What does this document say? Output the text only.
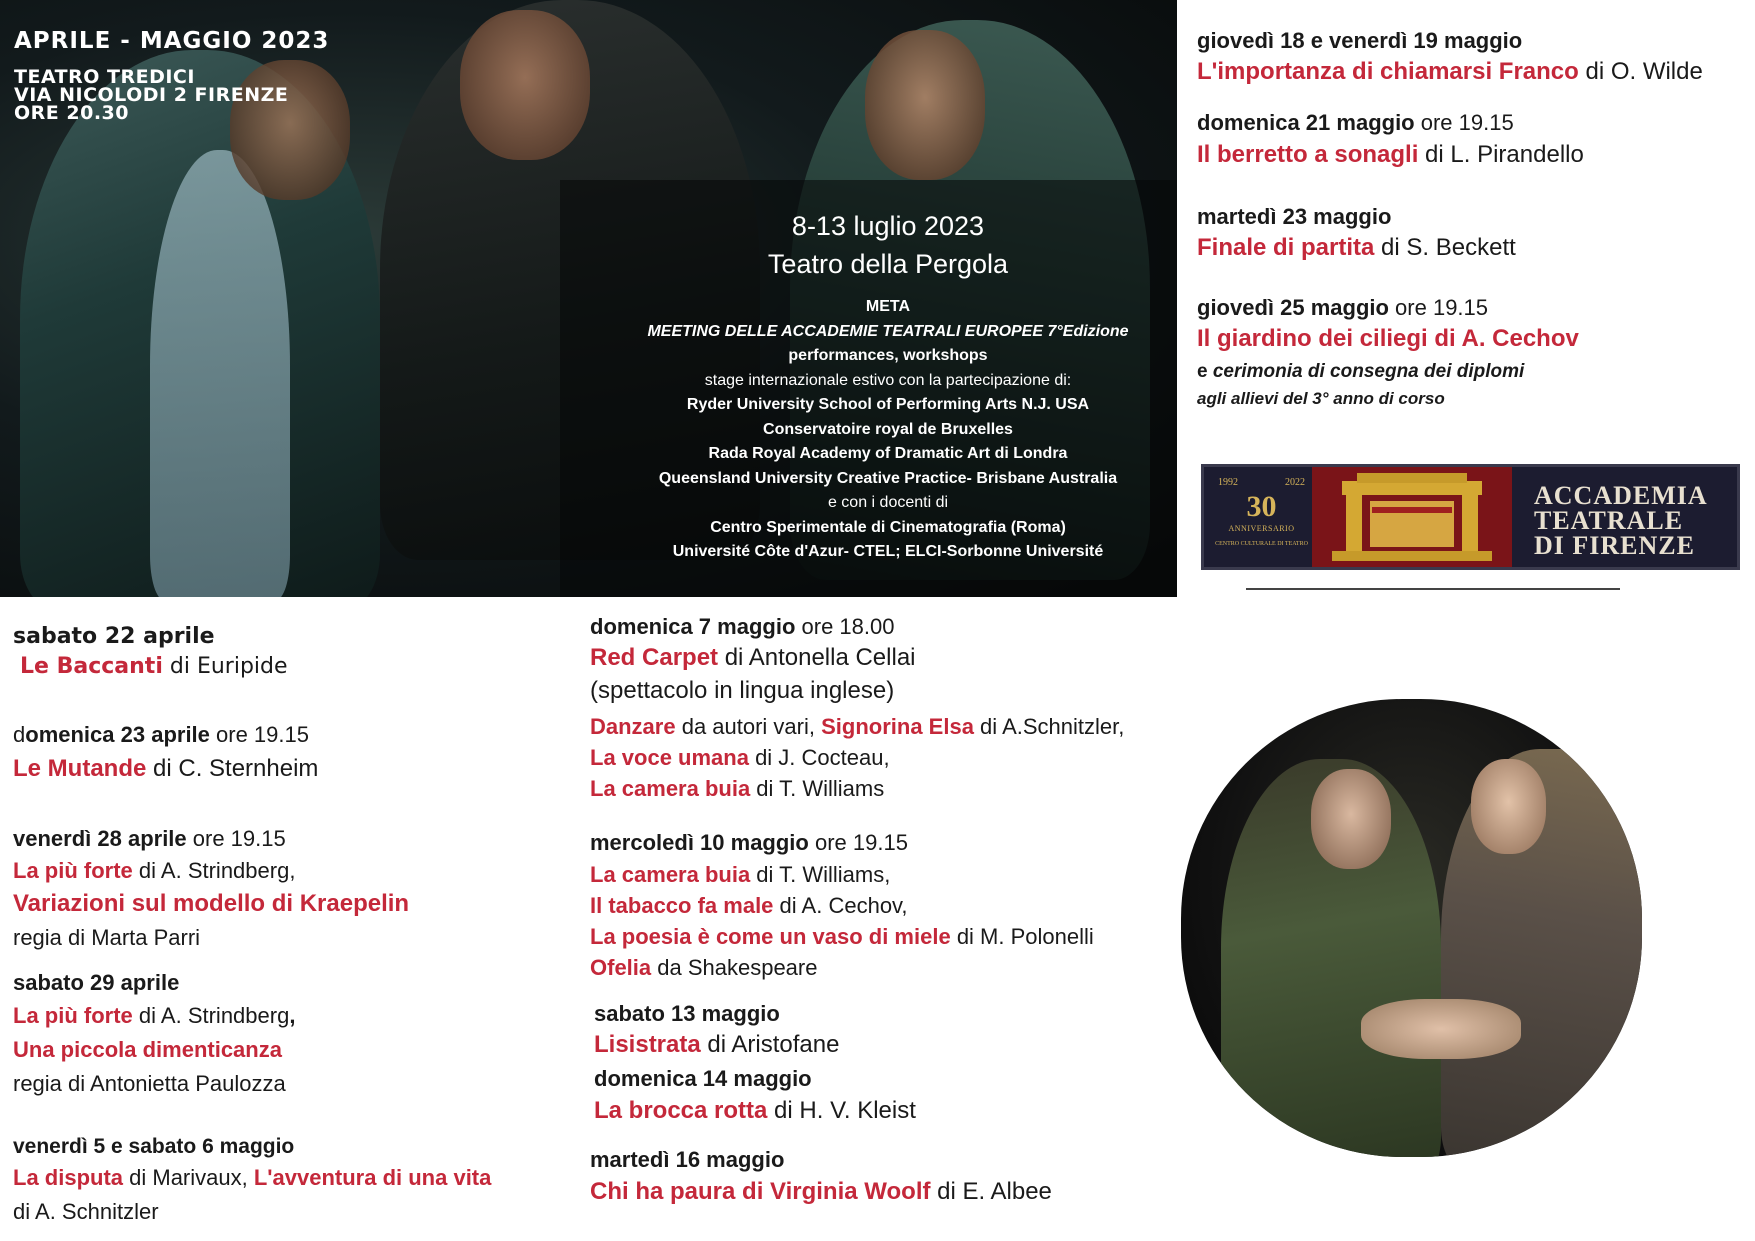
APRILE - MAGGIO 2023
TEATRO TREDICI
VIA NICOLODI 2 FIRENZE
ORE 20.30
8-13 luglio 2023
Teatro della Pergola
META
MEETING DELLE ACCADEMIE TEATRALI EUROPEE 7°Edizione
performances, workshops
stage internazionale estivo con la partecipazione di:
Ryder University School of Performing Arts N.J. USA
Conservatoire royal de Bruxelles
Rada Royal Academy of Dramatic Art di Londra
Queensland University Creative Practice- Brisbane Australia
e con i docenti di
Centro Sperimentale di Cinematografia (Roma)
Université Côte d'Azur- CTEL; ELCI-Sorbonne Université
sabato 22 aprile
Le Baccanti di Euripide
domenica 23 aprile ore 19.15
Le Mutande di C. Sternheim
venerdì 28 aprile ore 19.15
La più forte di A. Strindberg,
Variazioni sul modello di Kraepelin
regia di Marta Parri
sabato 29 aprile
La più forte di A. Strindberg,
Una piccola dimenticanza
regia di Antonietta Paulozza
venerdì 5 e sabato 6 maggio
La disputa di Marivaux, L'avventura di una vita
di A. Schnitzler
domenica 7 maggio ore 18.00
Red Carpet di Antonella Cellai
(spettacolo in lingua inglese)
Danzare da autori vari, Signorina Elsa di A.Schnitzler,
La voce umana di J. Cocteau,
La camera buia di T. Williams
mercoledì 10 maggio ore 19.15
La camera buia di T. Williams,
Il tabacco fa male di A. Cechov,
La poesia è come un vaso di miele di M. Polonelli
Ofelia da Shakespeare
sabato 13 maggio
Lisistrata di Aristofane
domenica 14 maggio
La brocca rotta di H. V. Kleist
martedì 16 maggio
Chi ha paura di Virginia Woolf di E. Albee
giovedì 18 e venerdì 19 maggio
L'importanza di chiamarsi Franco di O. Wilde
domenica 21 maggio ore 19.15
Il berretto a sonagli di L. Pirandello
martedì 23 maggio
Finale di partita di S. Beckett
giovedì 25 maggio ore 19.15
Il giardino dei ciliegi di A. Cechov
e cerimonia di consegna dei diplomi
agli allievi del 3° anno di corso
1992	2022
30
ANNIVERSARIO
CENTRO CULTURALE DI TEATRO
ACCADEMIA
TEATRALE
DI FIRENZE
